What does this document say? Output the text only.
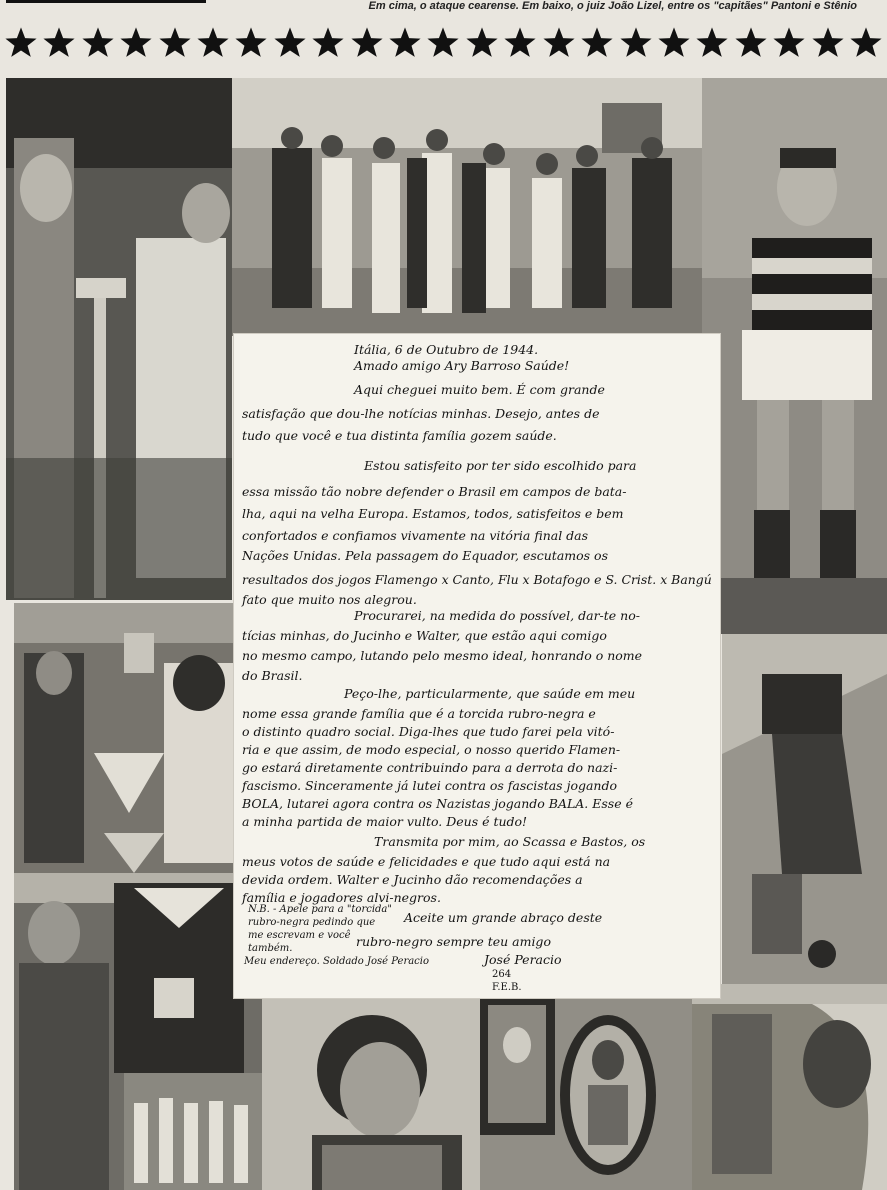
Em cima, o ataque cearense. Em baixo, o juiz João Lizel, entre os "capitães" Pantoni e Stênio
Itália, 6 de Outubro de 1944.
Amado amigo Ary Barroso Saúde!
Aqui cheguei muito bem. É com grande
satisfação que dou-lhe notícias minhas. Desejo, antes de
tudo que você e tua distinta família gozem saúde.
Estou satisfeito por ter sido escolhido para
essa missão tão nobre defender o Brasil em campos de bata-
lha, aqui na velha Europa. Estamos, todos, satisfeitos e bem
confortados e confiamos vivamente na vitória final das
Nações Unidas. Pela passagem do Equador, escutamos os
resultados dos jogos Flamengo x Canto, Flu x Botafogo e S. Crist. x Bangú
fato que muito nos alegrou.
Procurarei, na medida do possível, dar-te no-
tícias minhas, do Jucinho e Walter, que estão aqui comigo
no mesmo campo, lutando pelo mesmo ideal, honrando o nome
do Brasil.
Peço-lhe, particularmente, que saúde em meu
nome essa grande família que é a torcida rubro-negra e
o distinto quadro social. Diga-lhes que tudo farei pela vitó-
ria e que assim, de modo especial, o nosso querido Flamen-
go estará diretamente contribuindo para a derrota do nazi-
fascismo. Sinceramente já lutei contra os fascistas jogando
BOLA, lutarei agora contra os Nazistas jogando BALA. Esse é
a minha partida de maior vulto. Deus é tudo!
Transmita por mim, ao Scassa e Bastos, os
meus votos de saúde e felicidades e que tudo aqui está na
devida ordem. Walter e Jucinho dão recomendações a
família e jogadores alvi-negros.
Aceite um grande abraço deste
rubro-negro sempre teu amigo
José Peracio
N.B. - Apele para a "torcida"
rubro-negra pedindo que
me escrevam e você
também.
Meu endereço. Soldado José Peracio
264
F.E.B.
